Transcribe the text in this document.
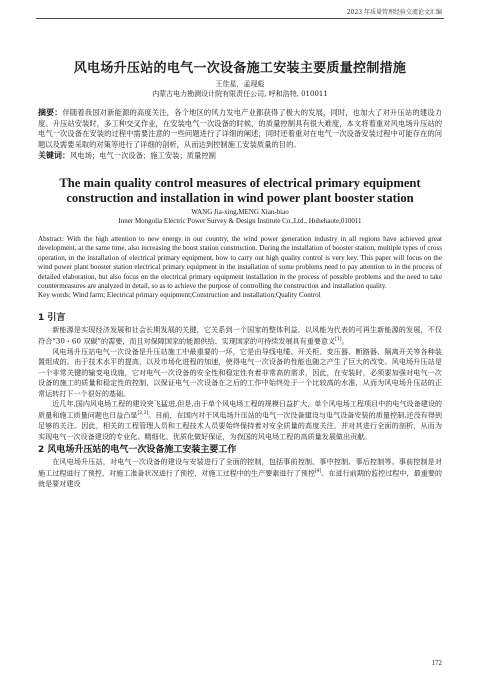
2023 年质量管理经验交流论文汇编

风电场升压站的电气一次设备施工安装主要质量控制措施

王佳星，孟现彪

内蒙古电力勘测设计院有限责任公司, 呼和浩特, 010011

摘要：伴随着我国对新能源的高度关注，各个地区的风力发电产业都获得了极大的发展，同时，也加大了对升压站的建设力度。升压站安装时，多工种交叉作业，在安装电气一次设备的时候，的质量控制具有很大难度，本文将着重对风电场升压站的电气一次设备在安装的过程中需要注意的一些问题进行了详细的阐述，同时还着重对在电气一次设备安装过程中可能存在的问题以及需要采取的对策等进行了详细的剖析，从而达到控制施工安装质量的目的。

关键词：风电场；电气一次设备；施工安装；质量控制

The main quality control measures of electrical primary equipment construction and installation in wind power plant booster station

WANG Jia-xing,MENG Xian-biao

Inner Mongolia Electric Power Survey & Design Institute Co.,Ltd., Huhehaote,010011

Abstract: With the high attention to new energy in our country, the wind power generation industry in all regions have achieved great development, at the same time, also increasing the boost station construction. During the installation of booster station, multiple types of cross operation, in the installation of electrical primary equipment, how to carry out high quality control is very key. This paper will focus on the wind power plant booster station electrical primary equipment in the installation of some problems need to pay attention to in the process of detailed elaboration, but also focus on the electrical primary equipment installation in the process of possible problems and the need to take countermeasures are analyzed in detail, so as to achieve the purpose of controlling the construction and installation quality.

Key words: Wind farm; Electrical primary equipment;Construction and installation;Quality Control

1 引言

新能源是实现经济发展和社会长期发展的关键，它关系到一个国家的整体利益，以风能为代表的可再生新能源的发展，不仅符合“30・60 双碳”的需要，而且对保障国家的能源供给、实现国家的可持续发展具有重要意义[1]。

风电场升压站电气一次设备是升压站施工中最重要的一环，它是由导线电缆、开关柜、变压器、断路器、隔离开关等各种装置组成的。由于技术水平的提高，以及市场化进程的加速，使得电气一次设备的性能也随之产生了巨大的改变。风电场升压站是一个非常关键的输变电设施，它对电气一次设备的安全性和稳定性有着非常高的需求，因此，在安装时，必须要加强对电气一次设备的施工的质量和稳定性的控制，以保证电气一次设备在之后的工作中始终处于一个比较高的水准，从而为风电场升压站的正常运转打下一个很好的基础。

近几年,国内风电场工程的建设突飞猛进,但是,由于单个风电场工程的规模日益扩大，单个风电场工程项目中的电气设备建设的质量和施工质量问题也日益凸显[2,3]。目前，在国内对于风电场升压站的电气一次设备建设与电气设备安装的质量控制,还没有得到足够的关注。因此，相关的工程管理人员和工程技术人员要始终保持着对安全质量的高度关注，并对其进行全面的剖析，从而为实现电气一次设备建设的专业化、精细化、优质化做好保证，为我国的风电场工程的高质量发展做出贡献。

2 风电场升压站的电气一次设备施工安装主要工作

在风电场升压站，对电气一次设备的建设与安装进行了全面的控制，包括事前控制、事中控制、事后控制等。事前控制是对施工过程进行了预控，对施工准备状况进行了预控，对施工过程中的生产要素进行了预控[4]。在进行前期的监控过程中，最重要的就是要对建设

172
